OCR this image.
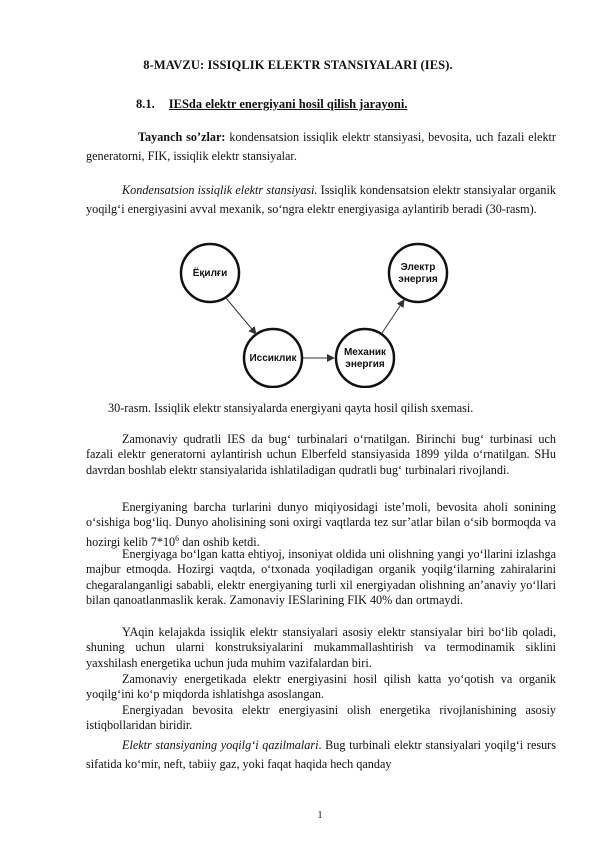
8-MAVZU: ISSIQLIK ELEKTR STANSIYALARI (IES).
8.1. IESda elektr energiyani hosil qilish jarayoni.

Tayanch so’zlar: kondensatsion issiqlik elektr stansiyasi, bevosita, uch fazali elektr generatorni, FIK, issiqlik elektr stansiyalar.

Kondensatsion issiqlik elektr stansiyasi. Issiqlik kondensatsion elektr stansiyalar organik yoqilg‘i energiyasini avval mexanik, so‘ngra elektr energiyasiga aylantirib beradi (30-rasm).

Ёқилғи
Иссиклик
Механик
энергия
Электр
энергия
30-rasm. Issiqlik elektr stansiyalarda energiyani qayta hosil qilish sxemasi.

Zamonaviy qudratli IES da bug‘ turbinalari o‘rnatilgan. Birinchi bug‘ turbinasi uch fazali elektr generatorni aylantirish uchun Elberfeld stansiyasida 1899 yilda o‘rnatilgan. SHu davrdan boshlab elektr stansiyalarida ishlatiladigan qudratli bug‘ turbinalari rivojlandi.

Energiyaning barcha turlarini dunyo miqiyosidagi iste’moli, bevosita aholi sonining o‘sishiga bog‘liq. Dunyo aholisining soni oxirgi vaqtlarda tez sur’atlar bilan o‘sib bormoqda va hozirgi kelib $7*10^6$ dan oshib ketdi.

Energiyaga bo‘lgan katta ehtiyoj, insoniyat oldida uni olishning yangi yo‘llarini izlashga majbur etmoqda. Hozirgi vaqtda, o‘txonada yoqiladigan organik yoqilg‘ilarning zahiralarini chegaralanganligi sababli, elektr energiyaning turli xil energiyadan olishning an’anaviy yo‘llari bilan qanoatlanmaslik kerak. Zamonaviy IESlarining FIK 40% dan ortmaydi.

YAqin kelajakda issiqlik elektr stansiyalari asosiy elektr stansiyalar biri bo‘lib qoladi, shuning uchun ularni konstruksiyalarini mukammallashtirish va termodinamik siklini yaxshilash energetika uchun juda muhim vazifalardan biri.

Zamonaviy energetikada elektr energiyasini hosil qilish katta yo‘qotish va organik yoqilg‘ini ko‘p miqdorda ishlatishga asoslangan.

Energiyadan bevosita elektr energiyasini olish energetika rivojlanishining asosiy istiqbollaridan biridir.

Elektr stansiyaning yoqilg‘i qazilmalari. Bug turbinali elektr stansiyalari yoqilg‘i resurs sifatida ko‘mir, neft, tabiiy gaz, yoki faqat haqida hech qanday

1
